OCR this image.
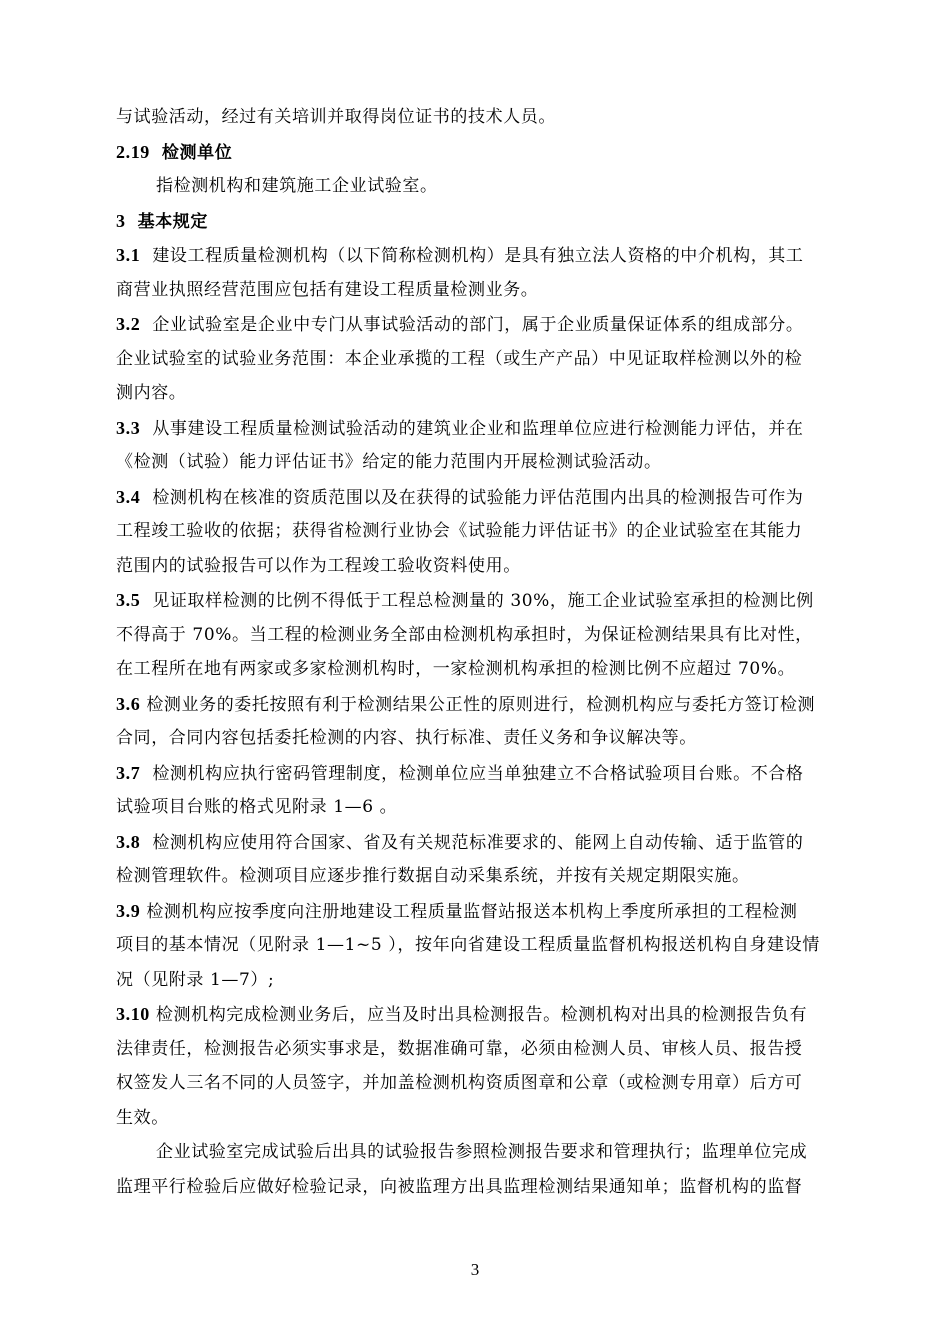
与试验活动，经过有关培训并取得岗位证书的技术人员。
2.19 检测单位
指检测机构和建筑施工企业试验室。
3 基本规定
3.1 建设工程质量检测机构（以下简称检测机构）是具有独立法人资格的中介机构，其工
商营业执照经营范围应包括有建设工程质量检测业务。
3.2 企业试验室是企业中专门从事试验活动的部门，属于企业质量保证体系的组成部分。
企业试验室的试验业务范围：本企业承揽的工程（或生产产品）中见证取样检测以外的检
测内容。
3.3 从事建设工程质量检测试验活动的建筑业企业和监理单位应进行检测能力评估，并在
《检测（试验）能力评估证书》给定的能力范围内开展检测试验活动。
3.4 检测机构在核准的资质范围以及在获得的试验能力评估范围内出具的检测报告可作为
工程竣工验收的依据；获得省检测行业协会《试验能力评估证书》的企业试验室在其能力
范围内的试验报告可以作为工程竣工验收资料使用。
3.5 见证取样检测的比例不得低于工程总检测量的 30%，施工企业试验室承担的检测比例
不得高于 70%。当工程的检测业务全部由检测机构承担时，为保证检测结果具有比对性，
在工程所在地有两家或多家检测机构时，一家检测机构承担的检测比例不应超过 70%。
3.6 检测业务的委托按照有利于检测结果公正性的原则进行，检测机构应与委托方签订检测
合同，合同内容包括委托检测的内容、执行标准、责任义务和争议解决等。
3.7 检测机构应执行密码管理制度，检测单位应当单独建立不合格试验项目台账。不合格
试验项目台账的格式见附录 1—6 。
3.8 检测机构应使用符合国家、省及有关规范标准要求的、能网上自动传输、适于监管的
检测管理软件。检测项目应逐步推行数据自动采集系统，并按有关规定期限实施。
3.9 检测机构应按季度向注册地建设工程质量监督站报送本机构上季度所承担的工程检测
项目的基本情况（见附录 1—1~5 ），按年向省建设工程质量监督机构报送机构自身建设情
况（见附录 1—7）;
3.10 检测机构完成检测业务后，应当及时出具检测报告。检测机构对出具的检测报告负有
法律责任，检测报告必须实事求是，数据准确可靠，必须由检测人员、审核人员、报告授
权签发人三名不同的人员签字，并加盖检测机构资质图章和公章（或检测专用章）后方可
生效。
企业试验室完成试验后出具的试验报告参照检测报告要求和管理执行；监理单位完成
监理平行检验后应做好检验记录，向被监理方出具监理检测结果通知单；监督机构的监督
3
